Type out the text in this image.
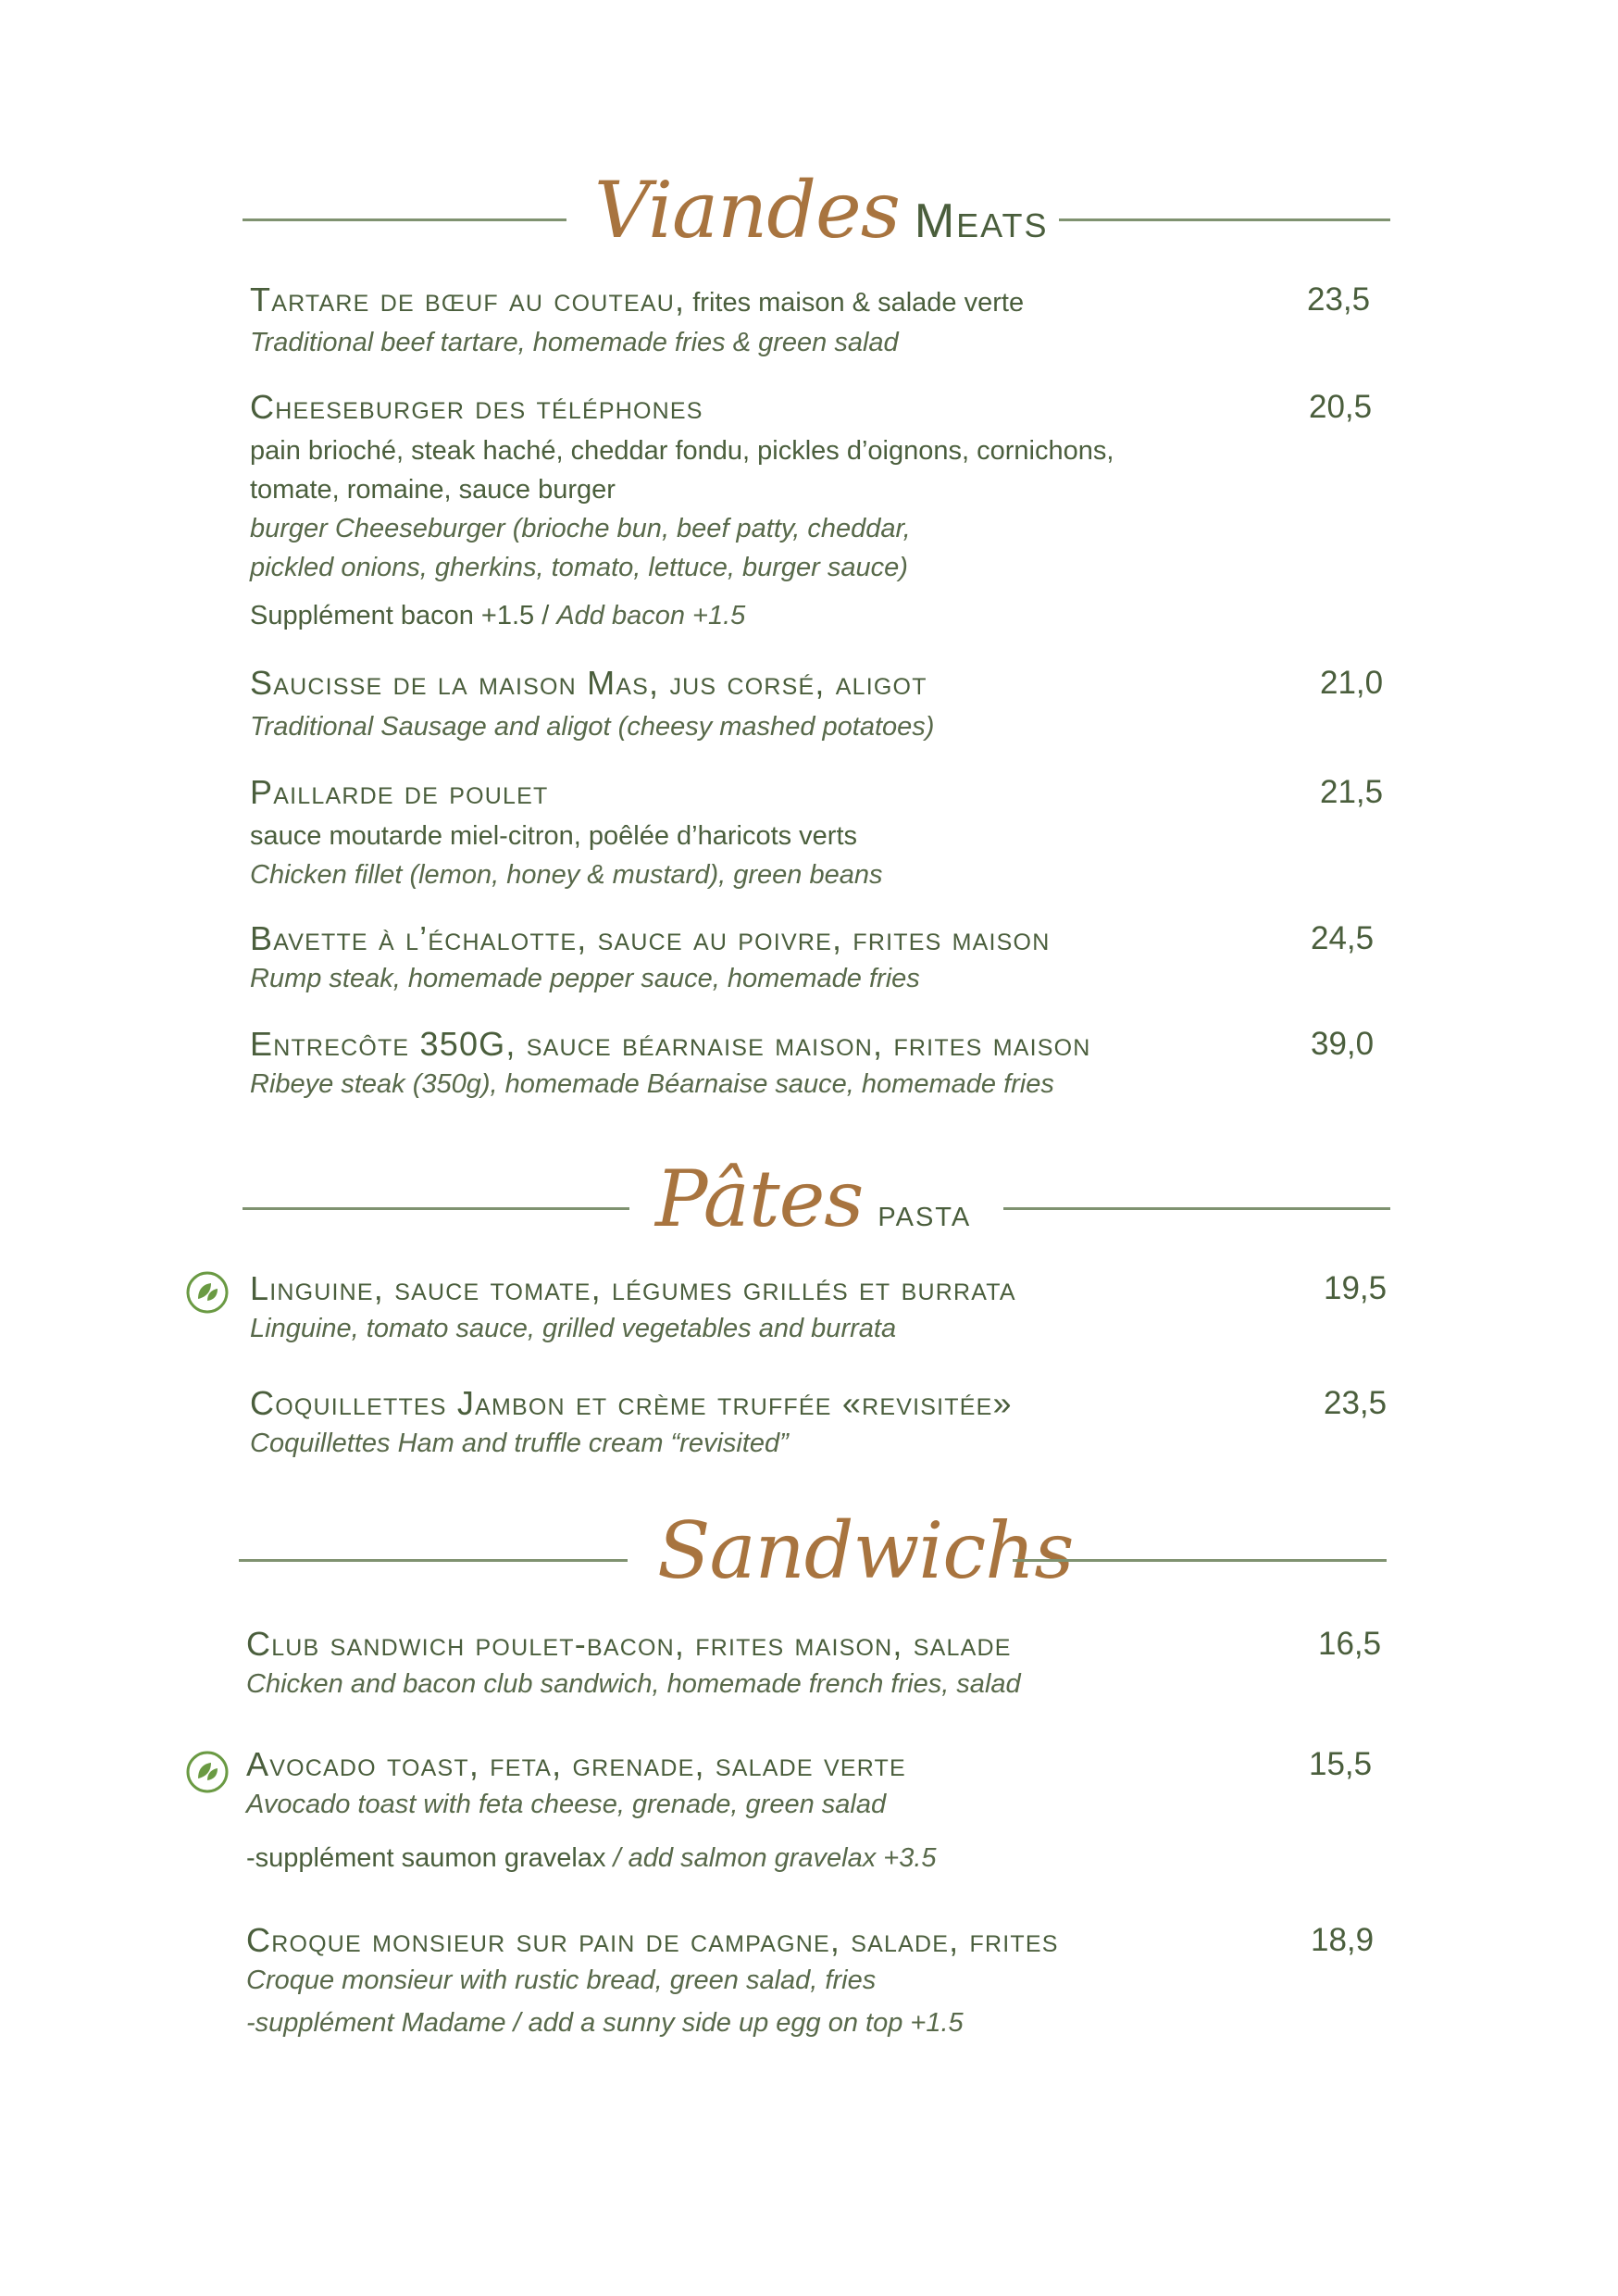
Viandes Meats
Tartare de bœuf au couteau, frites maison & salade verte	23,5
Traditional beef tartare, homemade fries & green salad
Cheeseburger des téléphones	20,5
pain brioché, steak haché, cheddar fondu, pickles d’oignons, cornichons,
tomate, romaine, sauce burger
burger Cheeseburger (brioche bun, beef patty, cheddar,
pickled onions, gherkins, tomato, lettuce, burger sauce)
Supplément bacon +1.5 / Add bacon +1.5
Saucisse de la maison Mas, jus corsé, aligot	21,0
Traditional Sausage and aligot (cheesy mashed potatoes)
Paillarde de poulet	21,5
sauce moutarde miel-citron, poêlée d’haricots verts
Chicken fillet (lemon, honey & mustard), green beans
Bavette à l’échalotte, sauce au poivre, frites maison	24,5
Rump steak, homemade pepper sauce, homemade fries
Entrecôte 350G, sauce béarnaise maison, frites maison	39,0
Ribeye steak (350g), homemade Béarnaise sauce, homemade fries
Pâtes pasta
Linguine, sauce tomate, légumes grillés et burrata	19,5
Linguine, tomato sauce, grilled vegetables and burrata
Coquillettes Jambon et crème truffée «revisitée»	23,5
Coquillettes Ham and truffle cream “revisited”
Sandwichs
Club sandwich poulet-bacon, frites maison, salade	16,5
Chicken and bacon club sandwich, homemade french fries, salad
Avocado toast, feta, grenade, salade verte	15,5
Avocado toast with feta cheese, grenade, green salad
-supplément saumon gravelax / add salmon gravelax +3.5
Croque monsieur sur pain de campagne, salade, frites	18,9
Croque monsieur with rustic bread, green salad, fries
-supplément Madame / add a sunny side up egg on top +1.5
